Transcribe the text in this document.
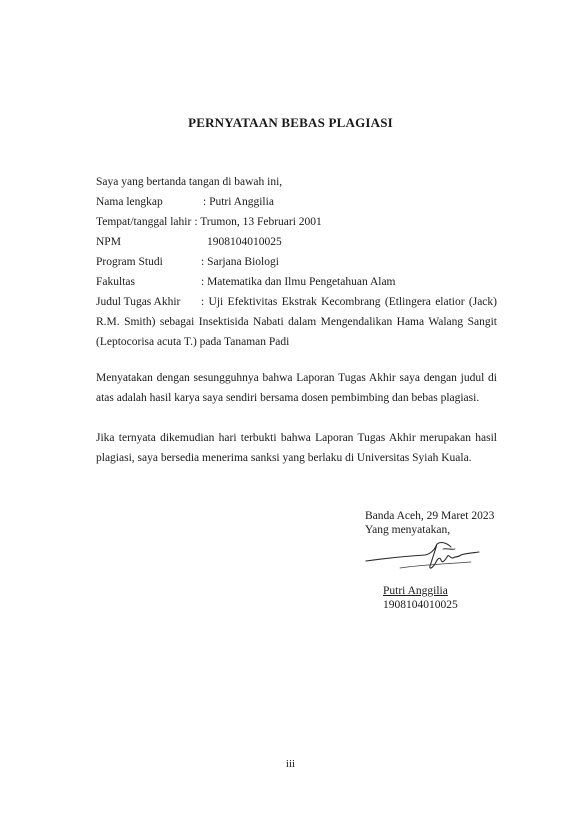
PERNYATAAN BEBAS PLAGIASI
Saya yang bertanda tangan di bawah ini,
Nama lengkap	: Putri Anggilia
Tempat/tanggal lahir : Trumon, 13 Februari 2001
NPM	1908104010025
Program Studi	: Sarjana Biologi
Fakultas	: Matematika dan Ilmu Pengetahuan Alam
Judul Tugas Akhir : Uji Efektivitas Ekstrak Kecombrang (Etlingera elatior (Jack) R.M. Smith) sebagai Insektisida Nabati dalam Mengendalikan Hama Walang Sangit (Leptocorisa acuta T.) pada Tanaman Padi
Menyatakan dengan sesungguhnya bahwa Laporan Tugas Akhir saya dengan judul di atas adalah hasil karya saya sendiri bersama dosen pembimbing dan bebas plagiasi.
Jika ternyata dikemudian hari terbukti bahwa Laporan Tugas Akhir merupakan hasil plagiasi, saya bersedia menerima sanksi yang berlaku di Universitas Syiah Kuala.
Banda Aceh, 29 Maret 2023
Yang menyatakan,
Putri Anggilia
1908104010025
iii
